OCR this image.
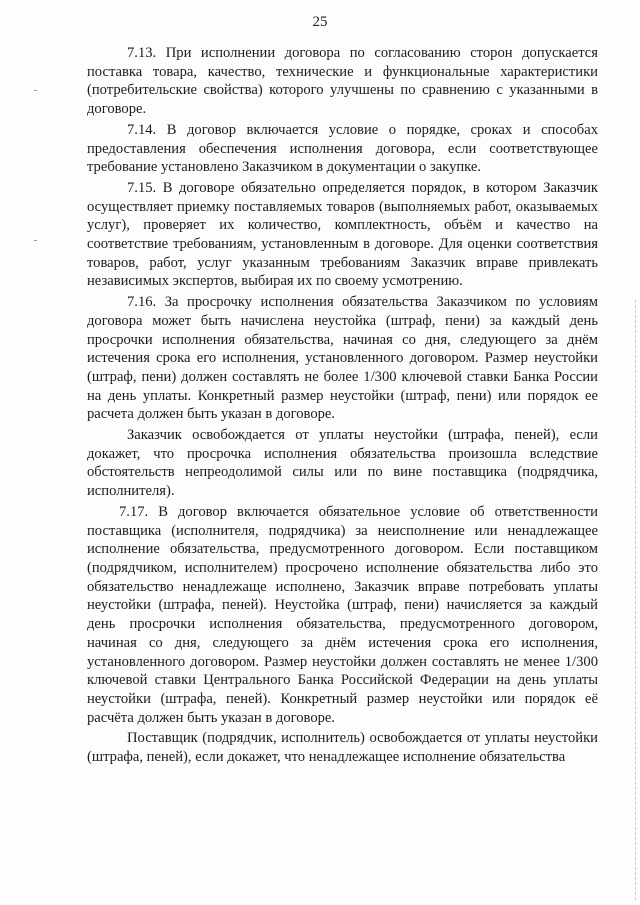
25

7.13. При исполнении договора по согласованию сторон допускается поставка товара, качество, технические и функциональные характеристики (потребительские свойства) которого улучшены по сравнению с указанными в договоре.

7.14. В договор включается условие о порядке, сроках и способах предоставления обеспечения исполнения договора, если соответствующее требование установлено Заказчиком в документации о закупке.

7.15. В договоре обязательно определяется порядок, в котором Заказчик осуществляет приемку поставляемых товаров (выполняемых работ, оказываемых услуг), проверяет их количество, комплектность, объём и качество на соответствие требованиям, установленным в договоре. Для оценки соответствия товаров, работ, услуг указанным требованиям Заказчик вправе привлекать независимых экспертов, выбирая их по своему усмотрению.

7.16. За просрочку исполнения обязательства Заказчиком по условиям договора может быть начислена неустойка (штраф, пени) за каждый день просрочки исполнения обязательства, начиная со дня, следующего за днём истечения срока его исполнения, установленного договором. Размер неустойки (штраф, пени) должен составлять не более 1/300 ключевой ставки Банка России на день уплаты. Конкретный размер неустойки (штраф, пени) или порядок ее расчета должен быть указан в договоре.

Заказчик освобождается от уплаты неустойки (штрафа, пеней), если докажет, что просрочка исполнения обязательства произошла вследствие обстоятельств непреодолимой силы или по вине поставщика (подрядчика, исполнителя).

7.17. В договор включается обязательное условие об ответственности поставщика (исполнителя, подрядчика) за неисполнение или ненадлежащее исполнение обязательства, предусмотренного договором. Если поставщиком (подрядчиком, исполнителем) просрочено исполнение обязательства либо это обязательство ненадлежаще исполнено, Заказчик вправе потребовать уплаты неустойки (штрафа, пеней). Неустойка (штраф, пени) начисляется за каждый день просрочки исполнения обязательства, предусмотренного договором, начиная со дня, следующего за днём истечения срока его исполнения, установленного договором. Размер неустойки должен составлять не менее 1/300 ключевой ставки Центрального Банка Российской Федерации на день уплаты неустойки (штрафа, пеней). Конкретный размер неустойки или порядок её расчёта должен быть указан в договоре.

Поставщик (подрядчик, исполнитель) освобождается от уплаты неустойки (штрафа, пеней), если докажет, что ненадлежащее исполнение обязательства
